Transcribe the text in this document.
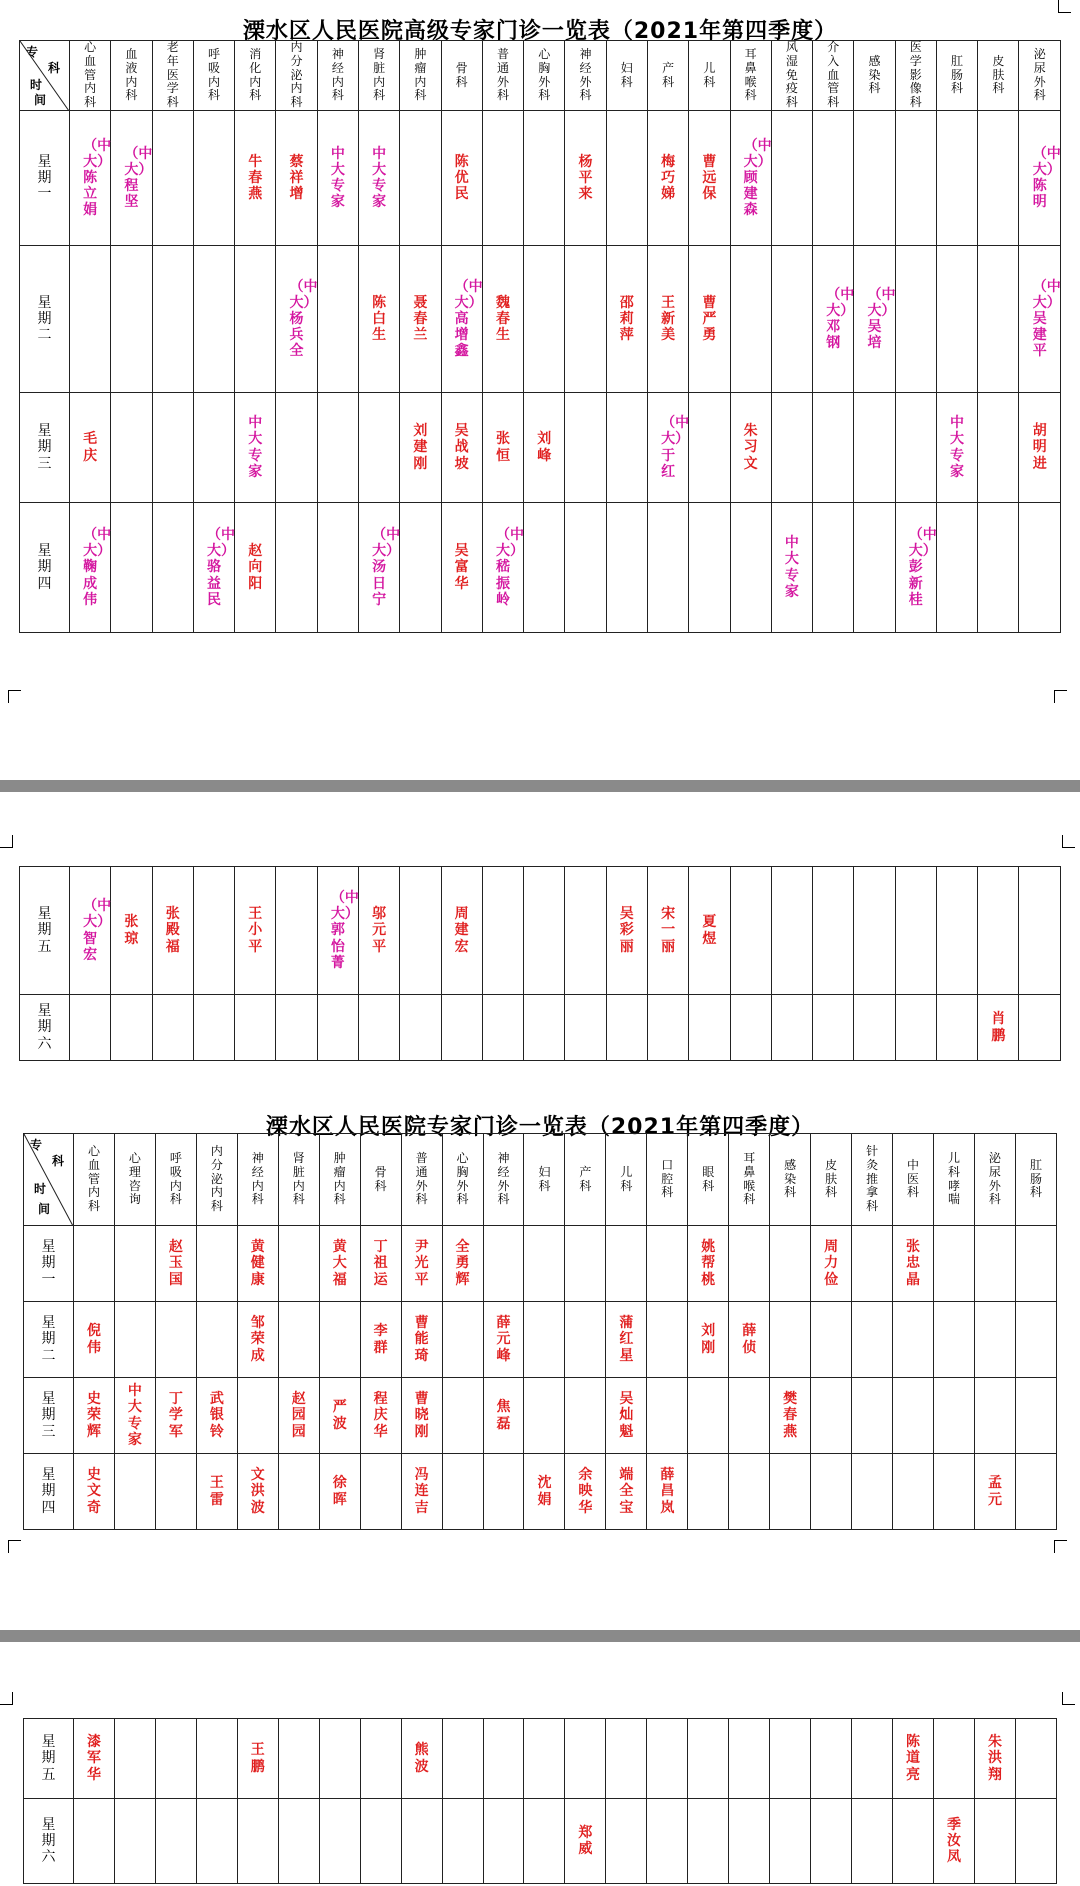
溧水区人民医院高级专家门诊一览表（2021年第四季度）
专
科
时
间	心血管内科	血液内科	老年医学科	呼吸内科	消化内科	内分泌内科	神经内科	肾脏内科	肿瘤内科	骨科	普通外科	心胸外科	神经外科	妇科	产科	儿科	耳鼻喉科	风湿免疫科	介入血管科	感染科	医学影像科	肛肠科	皮肤科	泌尿外科
星期一	（中大）陈立娟	（中大）程坚			牛春燕	蔡祥增	中大专家	中大专家		陈优民			杨平来		梅巧娣	曹远保	（中大）顾建森							（中大）陈明
星期二						（中大）杨兵全		陈白生	聂春兰	（中大）高增鑫	魏春生			邵莉萍	王新美	曹严勇			（中大）邓钢	（中大）吴培				（中大）吴建平
星期三	毛庆				中大专家				刘建刚	吴战坡	张恒	刘峰			（中大）于红		朱习文					中大专家		胡明进
星期四	（中大）鞠成伟			（中大）骆益民	赵向阳			（中大）汤日宁		吴富华	（中大）嵇振岭							中大专家			（中大）彭新桂			
星期五	（中大）智宏	张琼	张殿福		王小平		（中大）郭怡菁	邬元平		周建宏				吴彩丽	宋一丽	夏煜								
星期六																							肖鹏	
溧水区人民医院专家门诊一览表（2021年第四季度）
专
科
时
间	心血管内科	心理咨询	呼吸内科	内分泌内科	神经内科	肾脏内科	肿瘤内科	骨科	普通外科	心胸外科	神经外科	妇科	产科	儿科	口腔科	眼科	耳鼻喉科	感染科	皮肤科	针灸推拿科	中医科	儿科哮喘	泌尿外科	肛肠科
星期一			赵玉国		黄健康		黄大福	丁祖运	尹光平	全勇辉						姚帮桃			周力俭		张忠晶			
星期二	倪伟				邹荣成			李群	曹能琦		薛元峰			蒲红星		刘刚	薛侦							
星期三	史荣辉	中大专家	丁学军	武银铃		赵园园	严波	程庆华	曹晓刚		焦磊			吴灿魁				樊春燕						
星期四	史文奇			王雷	文洪波		徐晖		冯连吉			沈娟	余映华	端全宝	薛昌岚								孟元	
星期五	漆军华				王鹏				熊波												陈道亮		朱洪翔	
星期六													郑威									季汝凤		
